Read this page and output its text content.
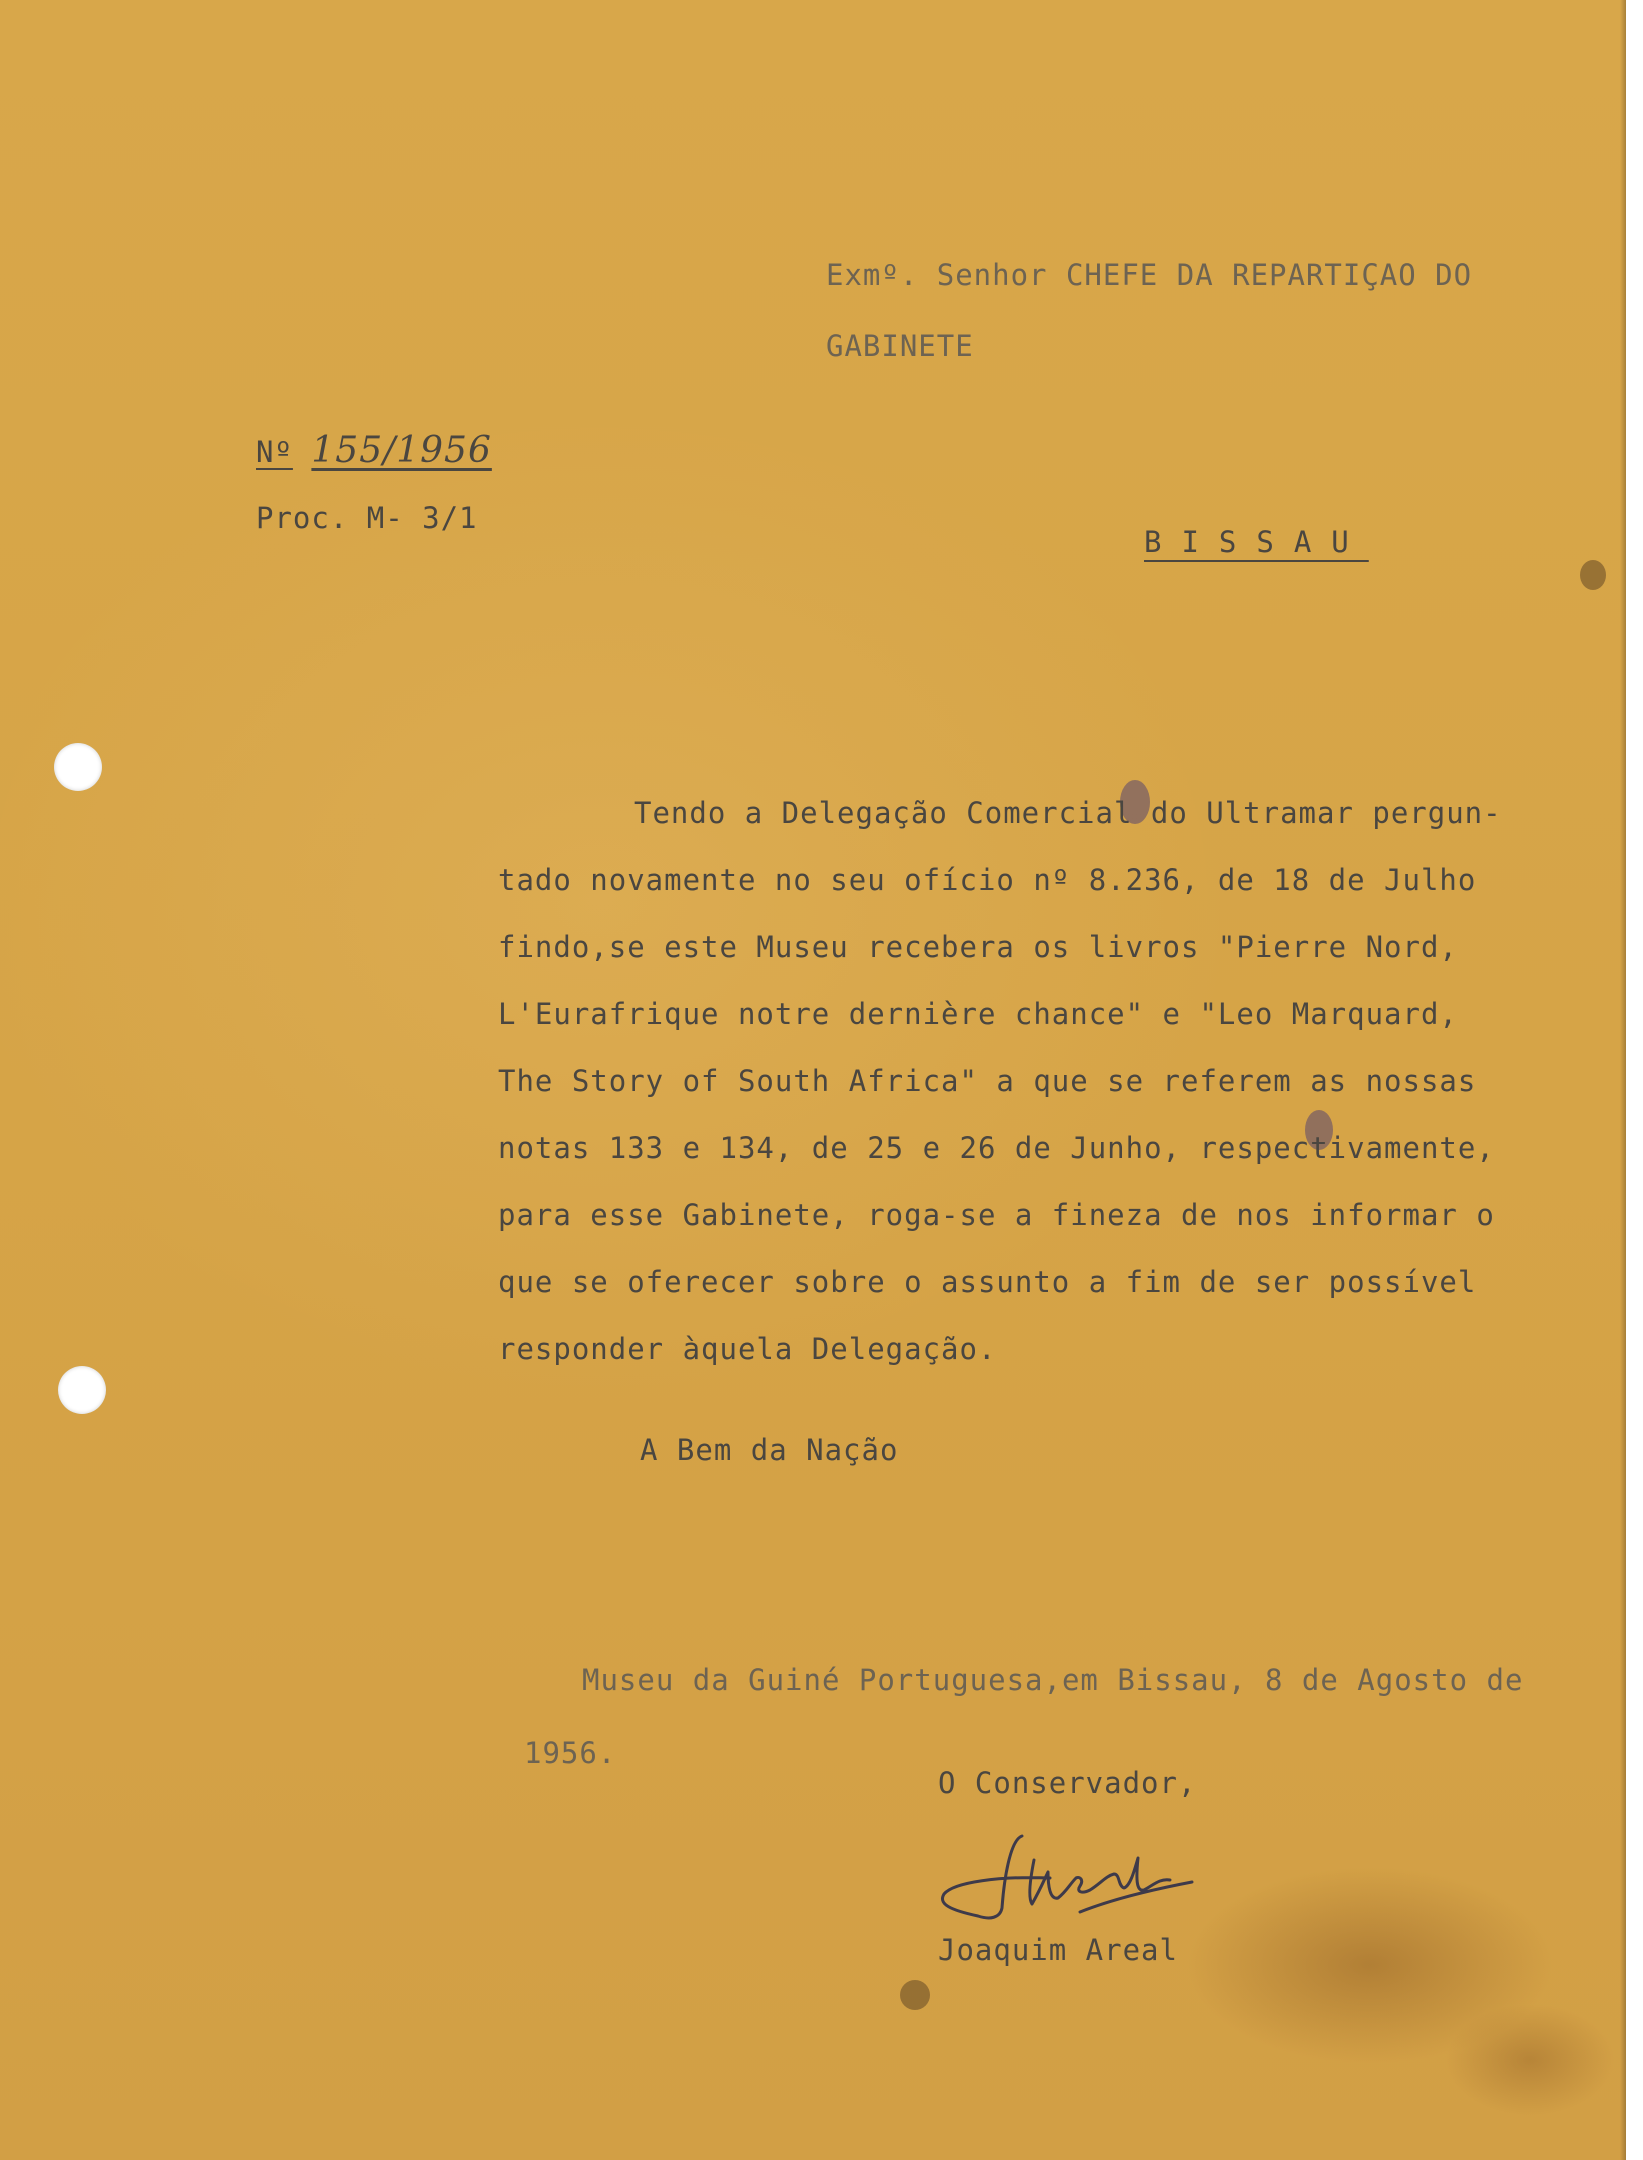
Exmº. Senhor CHEFE DA REPARTIÇAO DO

GABINETE

Nº 155/1956

Proc. M- 3/1

BISSAU

Tendo a Delegação Comercial do Ultramar pergun-

tado novamente no seu ofício nº 8.236, de 18 de Julho

findo,se este Museu recebera os livros "Pierre Nord,

L'Eurafrique notre dernière chance" e "Leo Marquard,

The Story of South Africa" a que se referem as nossas

notas 133 e 134, de 25 e 26 de Junho, respectivamente,

para esse Gabinete, roga-se a fineza de nos informar o

que se oferecer sobre o assunto a fim de ser possível

responder àquela Delegação.

A Bem da Nação

Museu da Guiné Portuguesa,em Bissau, 8 de Agosto de

1956.

O Conservador,

Joaquim Areal
